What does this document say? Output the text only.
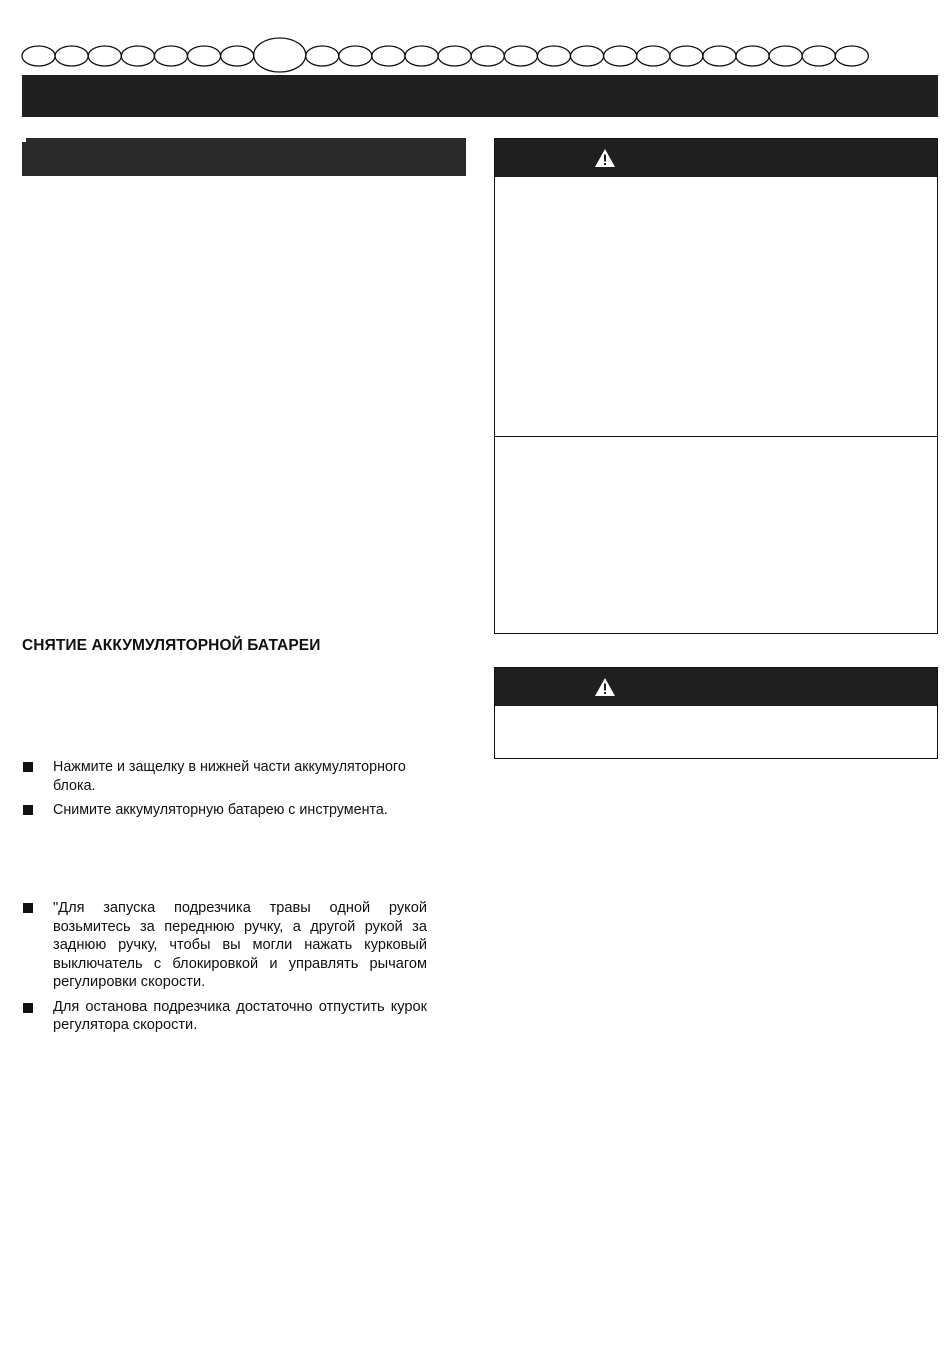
СНЯТИЕ АККУМУЛЯТОРНОЙ БАТАРЕИ
Нажмите и защелку в нижней части аккумуляторного блока.
Снимите аккумуляторную батарею с инструмента.
"Для запуска подрезчика травы одной рукой возьмитесь за переднюю ручку, а другой рукой за заднюю ручку, чтобы вы могли нажать курковый выключатель с блокировкой и управлять рычагом регулировки скорости.
Для останова подрезчика достаточно отпустить курок регулятора скорости.
